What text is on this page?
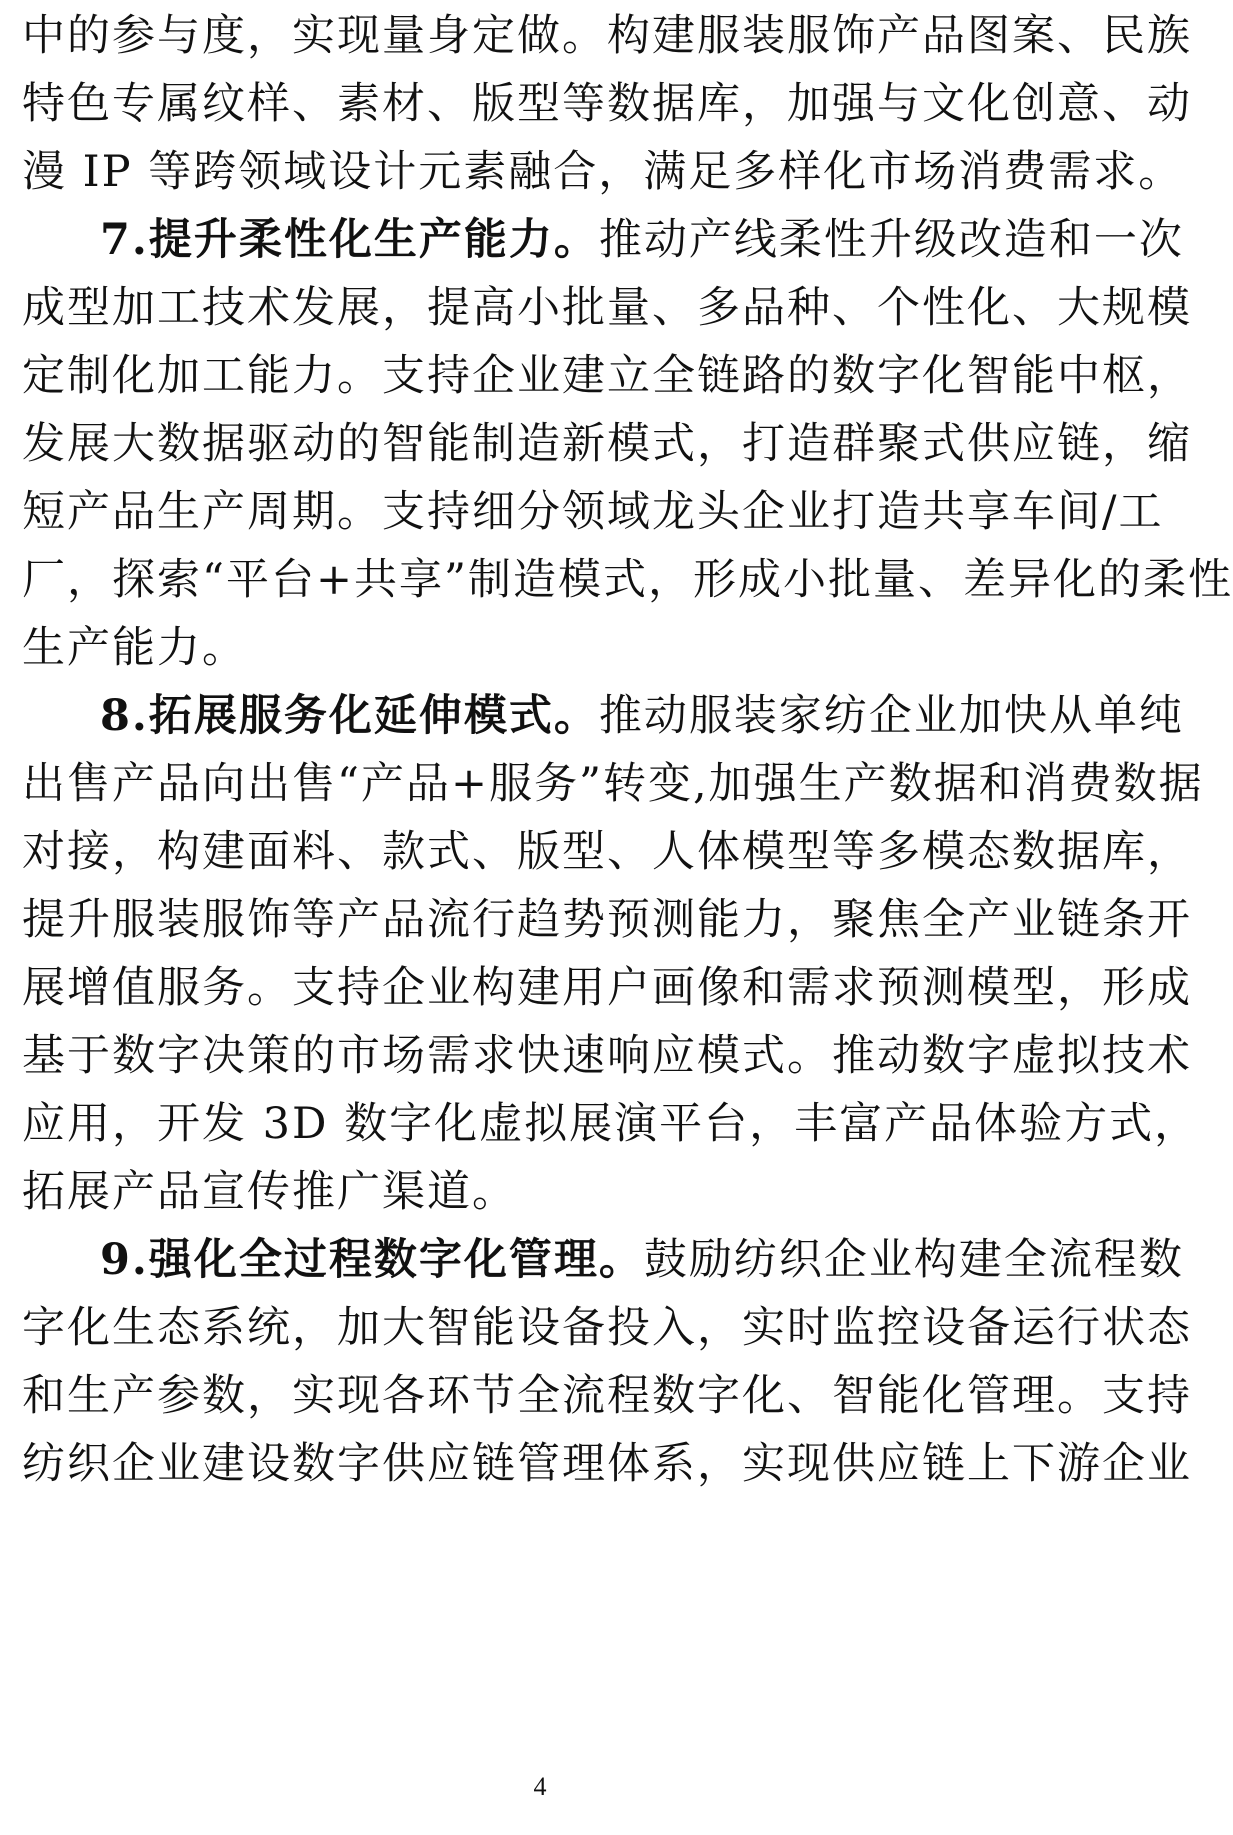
中的参与度，实现量身定做。构建服装服饰产品图案、民族
特色专属纹样、素材、版型等数据库，加强与文化创意、动
漫 IP 等跨领域设计元素融合，满足多样化市场消费需求。
7.提升柔性化生产能力。推动产线柔性升级改造和一次
成型加工技术发展，提高小批量、多品种、个性化、大规模
定制化加工能力。支持企业建立全链路的数字化智能中枢，
发展大数据驱动的智能制造新模式，打造群聚式供应链，缩
短产品生产周期。支持细分领域龙头企业打造共享车间/工
厂，探索“平台+共享”制造模式，形成小批量、差异化的柔性
生产能力。
8.拓展服务化延伸模式。推动服装家纺企业加快从单纯
出售产品向出售“产品+服务”转变,加强生产数据和消费数据
对接，构建面料、款式、版型、人体模型等多模态数据库，
提升服装服饰等产品流行趋势预测能力，聚焦全产业链条开
展增值服务。支持企业构建用户画像和需求预测模型，形成
基于数字决策的市场需求快速响应模式。推动数字虚拟技术
应用，开发 3D 数字化虚拟展演平台，丰富产品体验方式，
拓展产品宣传推广渠道。
9.强化全过程数字化管理。鼓励纺织企业构建全流程数
字化生态系统，加大智能设备投入，实时监控设备运行状态
和生产参数，实现各环节全流程数字化、智能化管理。支持
纺织企业建设数字供应链管理体系，实现供应链上下游企业
4
